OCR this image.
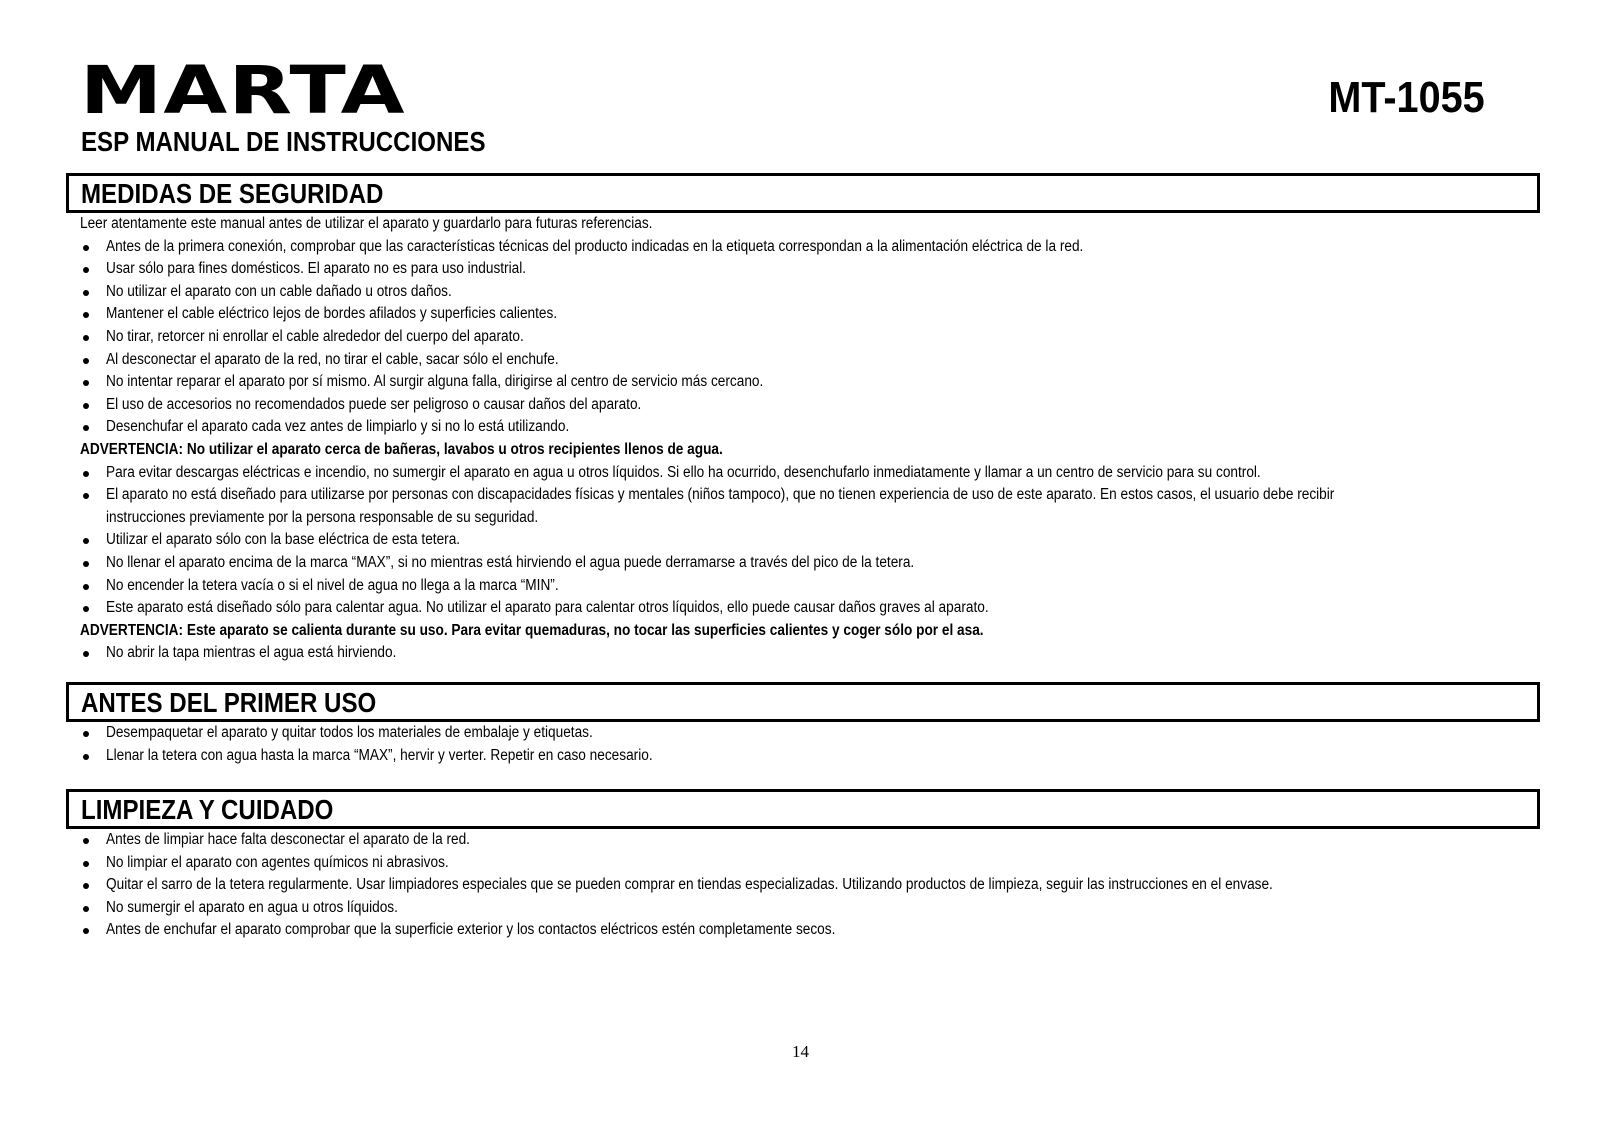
MARTA	MT-1055
ESP MANUAL DE INSTRUCCIONES
MEDIDAS DE SEGURIDAD
Leer atentamente este manual antes de utilizar el aparato y guardarlo para futuras referencias.
Antes de la primera conexión, comprobar que las características técnicas del producto indicadas en la etiqueta correspondan a la alimentación eléctrica de la red.
Usar sólo para fines domésticos. El aparato no es para uso industrial.
No utilizar el aparato con un cable dañado u otros daños.
Mantener el cable eléctrico lejos de bordes afilados y superficies calientes.
No tirar, retorcer ni enrollar el cable alrededor del cuerpo del aparato.
Al desconectar el aparato de la red, no tirar el cable, sacar sólo el enchufe.
No intentar reparar el aparato por sí mismo. Al surgir alguna falla, dirigirse al centro de servicio más cercano.
El uso de accesorios no recomendados puede ser peligroso o causar daños del aparato.
Desenchufar el aparato cada vez antes de limpiarlo y si no lo está utilizando.
ADVERTENCIA: No utilizar el aparato cerca de bañeras, lavabos u otros recipientes llenos de agua.
Para evitar descargas eléctricas e incendio, no sumergir el aparato en agua u otros líquidos. Si ello ha ocurrido, desenchufarlo inmediatamente y llamar a un centro de servicio para su control.
El aparato no está diseñado para utilizarse por personas con discapacidades físicas y mentales (niños tampoco), que no tienen experiencia de uso de este aparato. En estos casos, el usuario debe recibir
instrucciones previamente por la persona responsable de su seguridad.
Utilizar el aparato sólo con la base eléctrica de esta tetera.
No llenar el aparato encima de la marca “MAX”, si no mientras está hirviendo el agua puede derramarse a través del pico de la tetera.
No encender la tetera vacía o si el nivel de agua no llega a la marca “MIN”.
Este aparato está diseñado sólo para calentar agua. No utilizar el aparato para calentar otros líquidos, ello puede causar daños graves al aparato.
ADVERTENCIA: Este aparato se calienta durante su uso. Para evitar quemaduras, no tocar las superficies calientes y coger sólo por el asa.
No abrir la tapa mientras el agua está hirviendo.
ANTES DEL PRIMER USO
Desempaquetar el aparato y quitar todos los materiales de embalaje y etiquetas.
Llenar la tetera con agua hasta la marca “MAX”, hervir y verter. Repetir en caso necesario.
LIMPIEZA Y CUIDADO
Antes de limpiar hace falta desconectar el aparato de la red.
No limpiar el aparato con agentes químicos ni abrasivos.
Quitar el sarro de la tetera regularmente. Usar limpiadores especiales que se pueden comprar en tiendas especializadas. Utilizando productos de limpieza, seguir las instrucciones en el envase.
No sumergir el aparato en agua u otros líquidos.
Antes de enchufar el aparato comprobar que la superficie exterior y los contactos eléctricos estén completamente secos.
14
